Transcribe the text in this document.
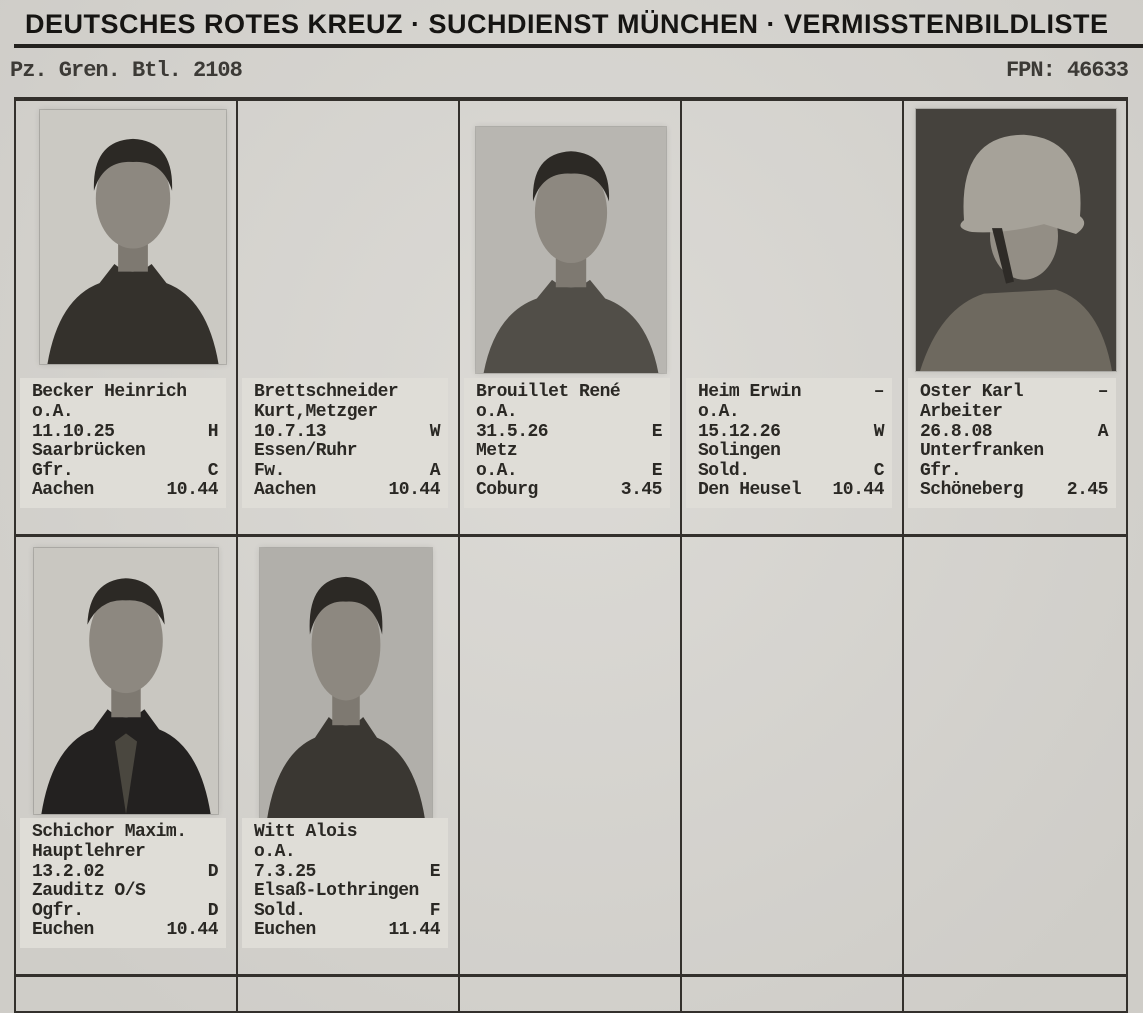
DEUTSCHES ROTES KREUZ · SUCHDIENST MÜNCHEN · VERMISSTENBILDLISTE
Pz. Gren. Btl. 2108	FPN: 46633
Becker Heinrich
o.A.
11.10.25	H
Saarbrücken
Gfr.	C
Aachen	10.44
Brettschneider
Kurt,Metzger
10.7.13	W
Essen/Ruhr
Fw.	A
Aachen	10.44
Brouillet René
o.A.
31.5.26	E
Metz
o.A.	E
Coburg	3.45
Heim Erwin	–
o.A.
15.12.26	W
Solingen
Sold.	C
Den Heusel 10.44
Oster Karl	–
Arbeiter
26.8.08	A
Unterfranken
Gfr.
Schöneberg 2.45
Schichor Maxim.
Hauptlehrer
13.2.02	D
Zauditz O/S
Ogfr.	D
Euchen	10.44
Witt Alois
o.A.
7.3.25	E
Elsaß-Lothringen
Sold.	F
Euchen	11.44
